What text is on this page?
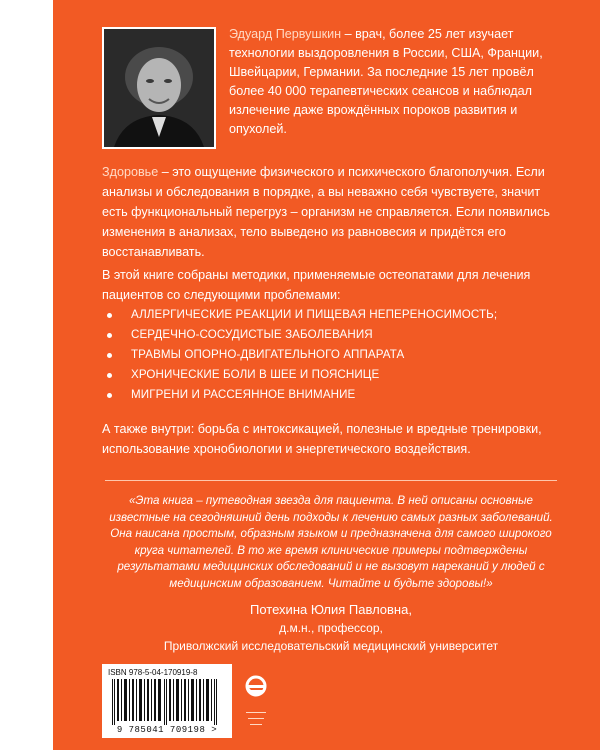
Эдуард Первушкин – врач, более 25 лет изучает технологии выздоровления в России, США, Франции, Швейцарии, Германии. За последние 15 лет провёл более 40 000 терапевтических сеансов и наблюдал излечение даже врождённых пороков развития и опухолей.

Здоровье – это ощущение физического и психического благополучия. Если анализы и обследования в порядке, а вы неважно себя чувствуете, значит есть функциональный перегруз – организм не справляется. Если появились изменения в анализах, тело выведено из равновесия и придётся его восстанавливать.

В этой книге собраны методики, применяемые остеопатами для лечения пациентов со следующими проблемами:

АЛЛЕРГИЧЕСКИЕ РЕАКЦИИ И ПИЩЕВАЯ НЕПЕРЕНОСИМОСТЬ;
СЕРДЕЧНО-СОСУДИСТЫЕ ЗАБОЛЕВАНИЯ
ТРАВМЫ ОПОРНО-ДВИГАТЕЛЬНОГО АППАРАТА
ХРОНИЧЕСКИЕ БОЛИ В ШЕЕ И ПОЯСНИЦЕ
МИГРЕНИ И РАССЕЯННОЕ ВНИМАНИЕ

А также внутри: борьба с интоксикацией, полезные и вредные тренировки, использование хронобиологии и энергетического воздействия.

«Эта книга – путеводная звезда для пациента. В ней описаны основные известные на сегодняшний день подходы к лечению самых разных заболеваний. Она наисана простым, образным языком и предназначена для самого широкого круга читателей. В то же время клинические примеры подтверждены результатами медицинских обследований и не вызовут нареканий у людей с медицинским образованием. Читайте и будьте здоровы!»

Потехина Юлия Павловна,
д.м.н., профессор,
Приволжский исследовательский медицинский университет
ISBN 978-5-04-170919-8
9 785041 709198 >
